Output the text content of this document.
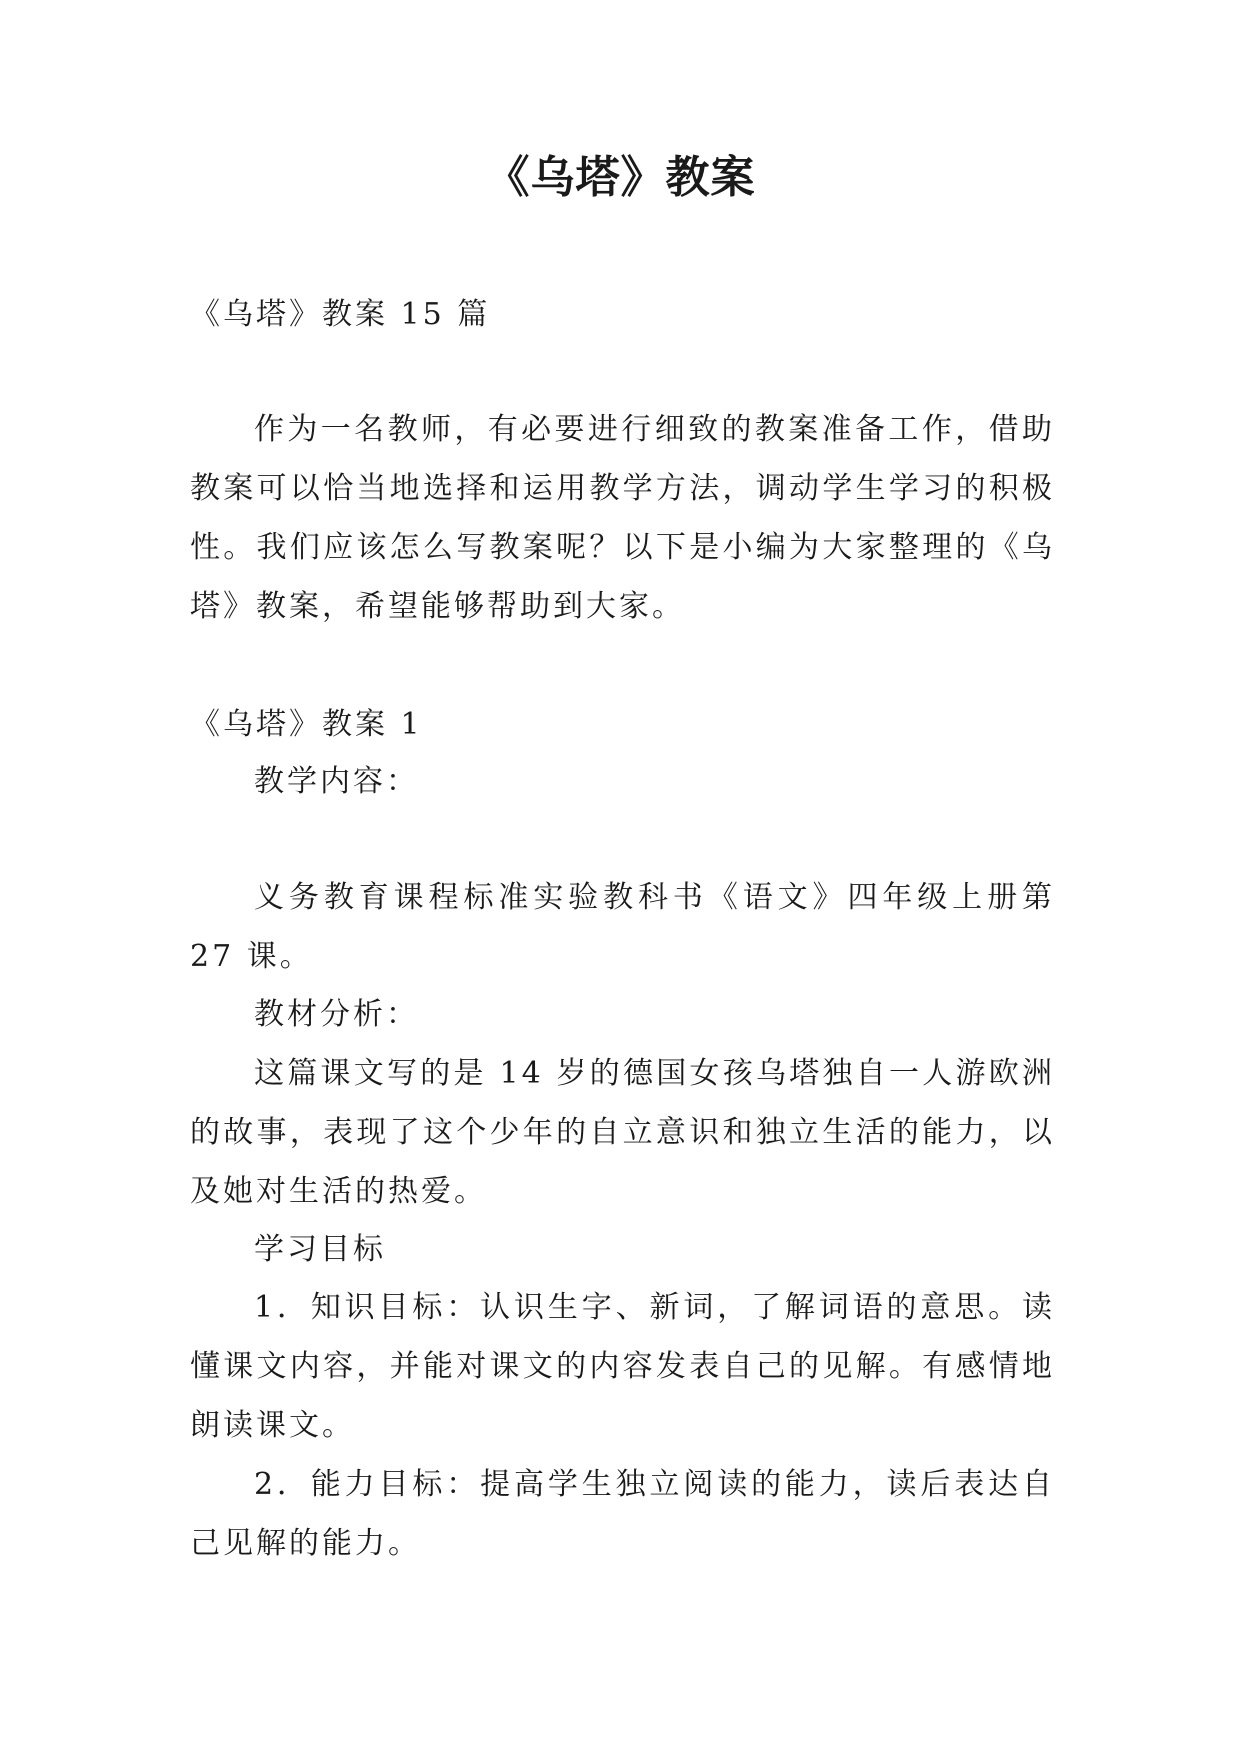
《乌塔》教案

《乌塔》教案 15 篇

作为一名教师，有必要进行细致的教案准备工作，借助教案可以恰当地选择和运用教学方法，调动学生学习的积极性。我们应该怎么写教案呢？以下是小编为大家整理的《乌塔》教案，希望能够帮助到大家。

《乌塔》教案 1

教学内容：

义务教育课程标准实验教科书《语文》四年级上册第 27 课。

教材分析：

这篇课文写的是 14 岁的德国女孩乌塔独自一人游欧洲的故事，表现了这个少年的自立意识和独立生活的能力，以及她对生活的热爱。

学习目标

1．知识目标：认识生字、新词，了解词语的意思。读懂课文内容，并能对课文的内容发表自己的见解。有感情地朗读课文。

2．能力目标：提高学生独立阅读的能力，读后表达自己见解的能力。
